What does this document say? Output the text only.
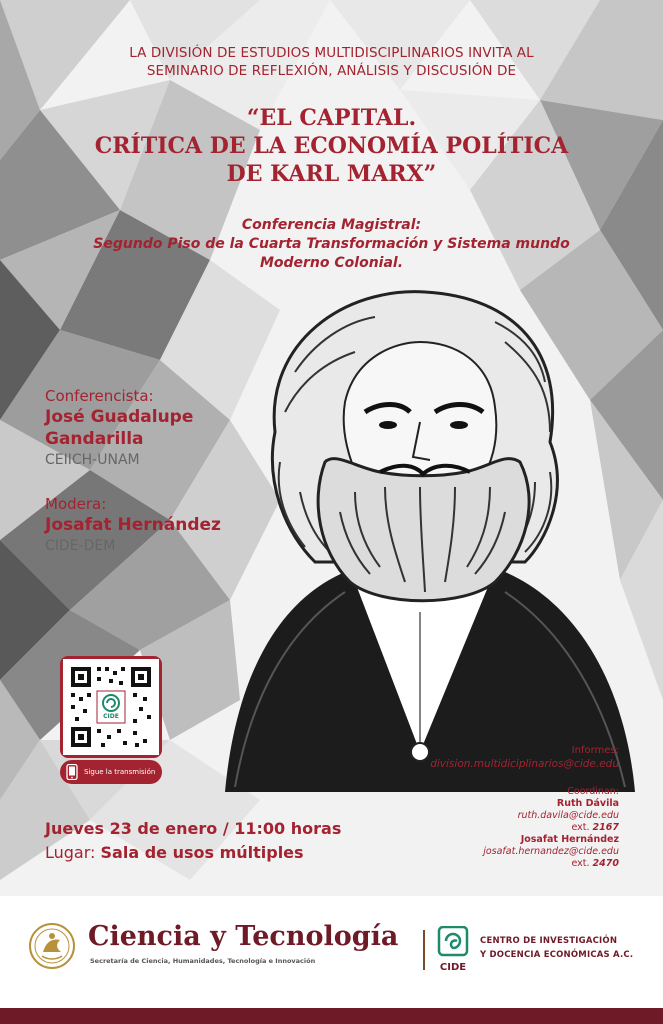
LA DIVISIÓN DE ESTUDIOS MULTIDISCIPLINARIOS INVITA AL
SEMINARIO DE REFLEXIÓN, ANÁLISIS Y DISCUSIÓN DE
“EL CAPITAL.
CRÍTICA DE LA ECONOMÍA POLÍTICA
DE KARL MARX”
Conferencia Magistral:
Segundo Piso de la Cuarta Transformación y Sistema mundo
Moderno Colonial.
Conferencista:
José Guadalupe
Gandarilla
CEIICH-UNAM
Modera:
Josafat Hernández
CIDE-DEM
CIDE
Sigue la transmisión
Informes:
division.multidiciplinarios@cide.edu
Coordinan:
Ruth Dávila
ruth.davila@cide.edu
ext. 2167
Josafat Hernández
josafat.hernandez@cide.edu
ext. 2470
Jueves 23 de enero / 11:00 horas
Lugar: Sala de usos múltiples
Ciencia y Tecnología
Secretaría de Ciencia, Humanidades, Tecnología e Innovación
CIDE
CENTRO DE INVESTIGACIÓN
Y DOCENCIA ECONÓMICAS A.C.
